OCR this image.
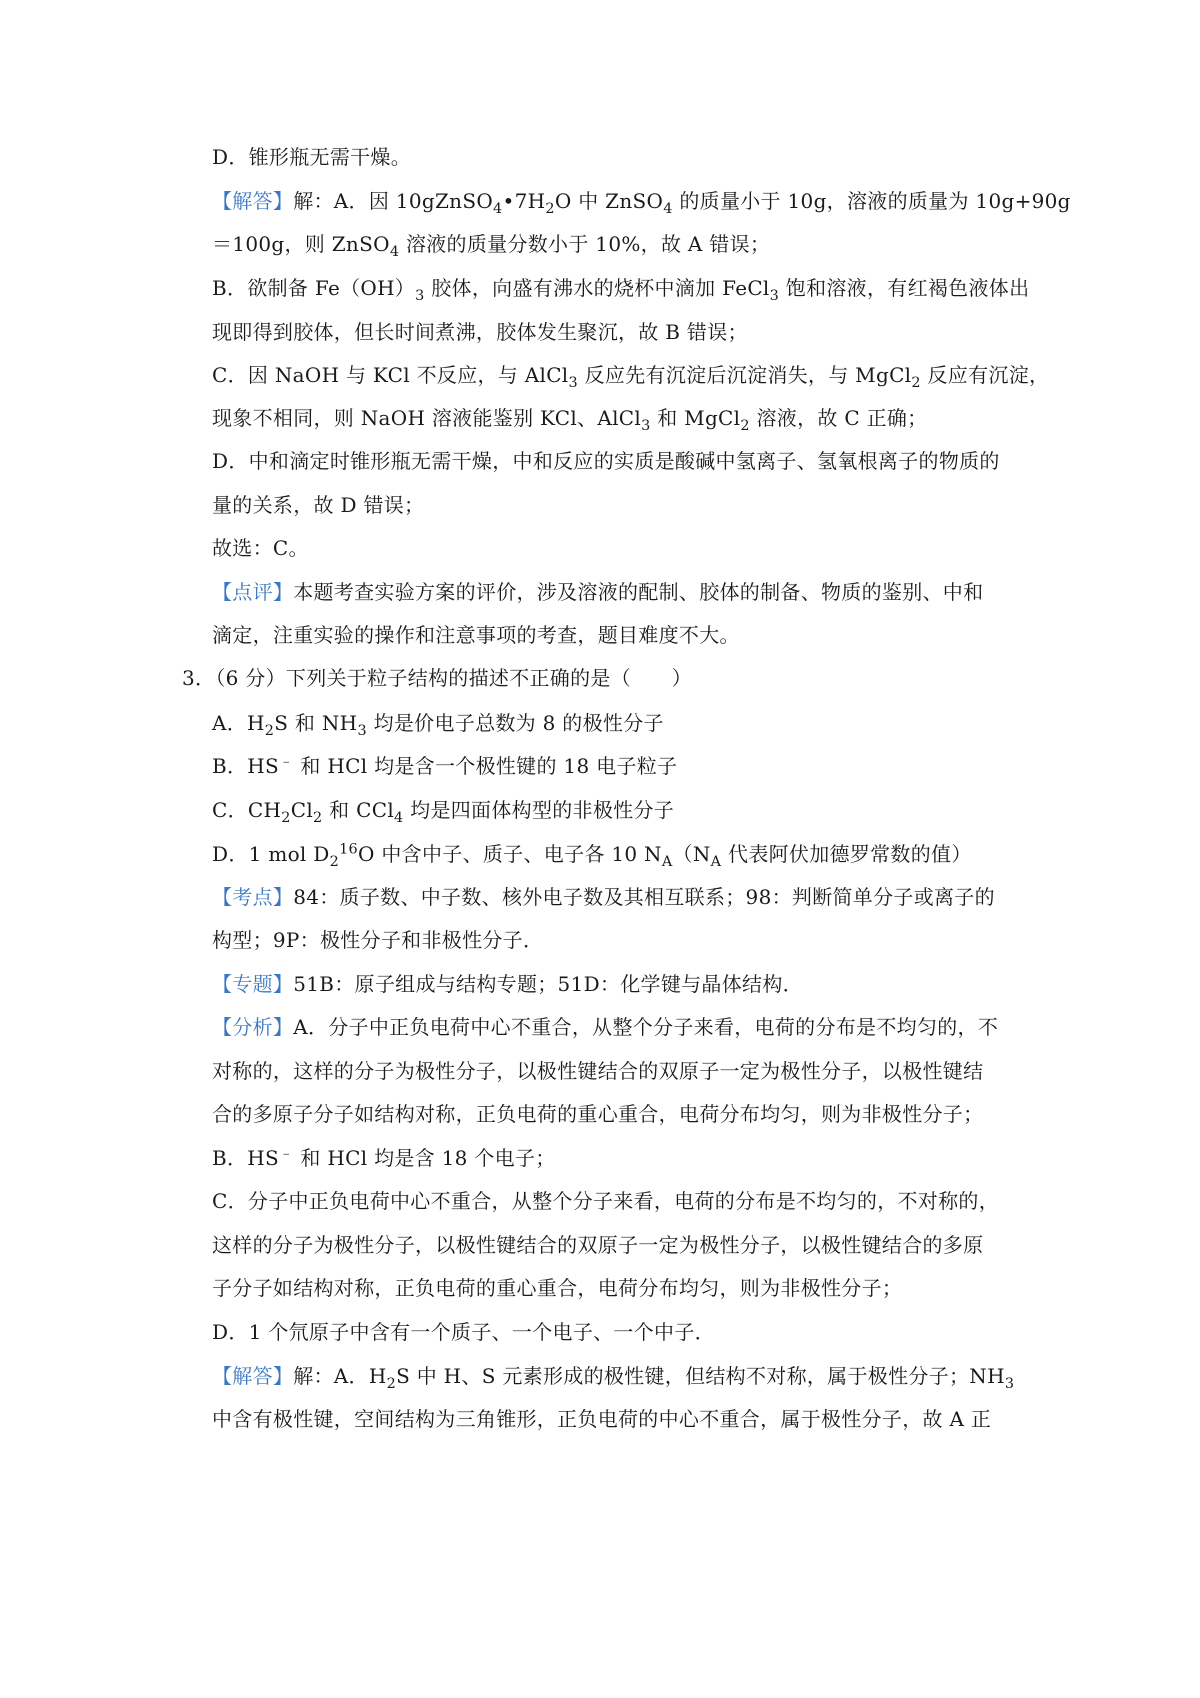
D．锥形瓶无需干燥。
【解答】解：A．因 $10gZnSO_4•7H_2O$ 中 ZnSO$_4$ 的质量小于 10g，溶液的质量为 10g+90g
＝100g，则 ZnSO$_4$ 溶液的质量分数小于 10%，故 A 错误；
B．欲制备 $Fe(OH)_3$ 胶体，向盛有沸水的烧杯中滴加 FeCl$_3$ 饱和溶液，有红褐色液体出
现即得到胶体，但长时间煮沸，胶体发生聚沉，故 B 错误；
C．因 NaOH 与 KCl 不反应，与 AlCl$_3$ 反应先有沉淀后沉淀消失，与 MgCl$_2$ 反应有沉淀，
现象不相同，则 NaOH 溶液能鉴别 KCl、AlCl$_3$ 和 MgCl$_2$ 溶液，故 C 正确；
D．中和滴定时锥形瓶无需干燥，中和反应的实质是酸碱中氢离子、氢氧根离子的物质的
量的关系，故 D 错误；
故选：C。
【点评】本题考查实验方案的评价，涉及溶液的配制、胶体的制备、物质的鉴别、中和
滴定，注重实验的操作和注意事项的考查，题目难度不大。
3．（6 分）下列关于粒子结构的描述不正确的是（　　）
A．$H_2S$ 和 $NH_3$ 均是价电子总数为 8 的极性分子
B．HS﹣ 和 HCl 均是含一个极性键的 18 电子粒子
C．$CH_2Cl_2$ 和 CCl$_4$ 均是四面体构型的非极性分子
D．1 mol $D_2^{16}O$ 中含中子、质子、电子各 10 $N_A(N_A$ 代表阿伏加德罗常数的值）
【考点】84：质子数、中子数、核外电子数及其相互联系；98：判断简单分子或离子的
构型；9P：极性分子和非极性分子．
【专题】51B：原子组成与结构专题；51D：化学键与晶体结构．
【分析】A．分子中正负电荷中心不重合，从整个分子来看，电荷的分布是不均匀的，不
对称的，这样的分子为极性分子，以极性键结合的双原子一定为极性分子，以极性键结
合的多原子分子如结构对称，正负电荷的重心重合，电荷分布均匀，则为非极性分子；
B．HS﹣ 和 HCl 均是含 18 个电子；
C．分子中正负电荷中心不重合，从整个分子来看，电荷的分布是不均匀的，不对称的，
这样的分子为极性分子，以极性键结合的双原子一定为极性分子，以极性键结合的多原
子分子如结构对称，正负电荷的重心重合，电荷分布均匀，则为非极性分子；
D．1 个氘原子中含有一个质子、一个电子、一个中子．
【解答】解：A．$H_2S$ 中 H、S 元素形成的极性键，但结构不对称，属于极性分子；$NH_3$
中含有极性键，空间结构为三角锥形，正负电荷的中心不重合，属于极性分子，故 A 正
